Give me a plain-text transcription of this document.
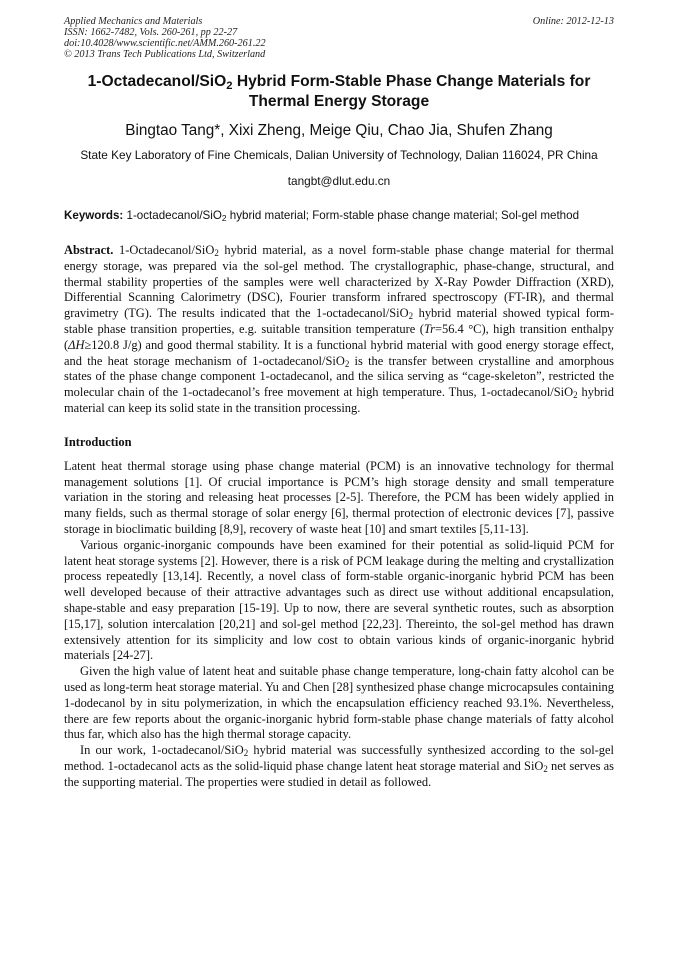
Applied Mechanics and Materials
ISSN: 1662-7482, Vols. 260-261, pp 22-27
doi:10.4028/www.scientific.net/AMM.260-261.22
© 2013 Trans Tech Publications Ltd, Switzerland
Online: 2012-12-13
1-Octadecanol/SiO$_2$ Hybrid Form-Stable Phase Change Materials for Thermal Energy Storage
Bingtao Tang*, Xixi Zheng, Meige Qiu, Chao Jia, Shufen Zhang
State Key Laboratory of Fine Chemicals, Dalian University of Technology, Dalian 116024, PR China
tangbt@dlut.edu.cn
Keywords: 1-octadecanol/SiO$_2$ hybrid material; Form-stable phase change material; Sol-gel method

Abstract. 1-Octadecanol/SiO$_2$ hybrid material, as a novel form-stable phase change material for thermal energy storage, was prepared via the sol-gel method. The crystallographic, phase-change, structural, and thermal stability properties of the samples were well characterized by X-Ray Powder Diffraction (XRD), Differential Scanning Calorimetry (DSC), Fourier transform infrared spectroscopy (FT-IR), and thermal gravimetry (TG). The results indicated that the 1-octadecanol/SiO$_2$ hybrid material showed typical form-stable phase transition properties, e.g. suitable transition temperature (Tr=56.4 °C), high transition enthalpy (ΔH≥120.8 J/g) and good thermal stability. It is a functional hybrid material with good energy storage effect, and the heat storage mechanism of 1-octadecanol/SiO$_2$ is the transfer between crystalline and amorphous states of the phase change component 1-octadecanol, and the silica serving as “cage-skeleton”, restricted the molecular chain of the 1-octadecanol’s free movement at high temperature. Thus, 1-octadecanol/SiO$_2$ hybrid material can keep its solid state in the transition processing.

Introduction

Latent heat thermal storage using phase change material (PCM) is an innovative technology for thermal management solutions [1]. Of crucial importance is PCM’s high storage density and small temperature variation in the storing and releasing heat processes [2-5]. Therefore, the PCM has been widely applied in many fields, such as thermal storage of solar energy [6], thermal protection of electronic devices [7], passive storage in bioclimatic building [8,9], recovery of waste heat [10] and smart textiles [5,11-13].

Various organic-inorganic compounds have been examined for their potential as solid-liquid PCM for latent heat storage systems [2]. However, there is a risk of PCM leakage during the melting and crystallization process repeatedly [13,14]. Recently, a novel class of form-stable organic-inorganic hybrid PCM has been well developed because of their attractive advantages such as direct use without additional encapsulation, shape-stable and easy preparation [15-19]. Up to now, there are several synthetic routes, such as absorption [15,17], solution intercalation [20,21] and sol-gel method [22,23]. Thereinto, the sol-gel method has drawn extensively attention for its simplicity and low cost to obtain various kinds of organic-inorganic hybrid materials [24-27].

Given the high value of latent heat and suitable phase change temperature, long-chain fatty alcohol can be used as long-term heat storage material. Yu and Chen [28] synthesized phase change microcapsules containing 1-dodecanol by in situ polymerization, in which the encapsulation efficiency reached 93.1%. Nevertheless, there are few reports about the organic-inorganic hybrid form-stable phase change materials of fatty alcohol thus far, which also has the high thermal storage capacity.

In our work, 1-octadecanol/SiO$_2$ hybrid material was successfully synthesized according to the sol-gel method. 1-octadecanol acts as the solid-liquid phase change latent heat storage material and SiO$_2$ net serves as the supporting material. The properties were studied in detail as followed.
